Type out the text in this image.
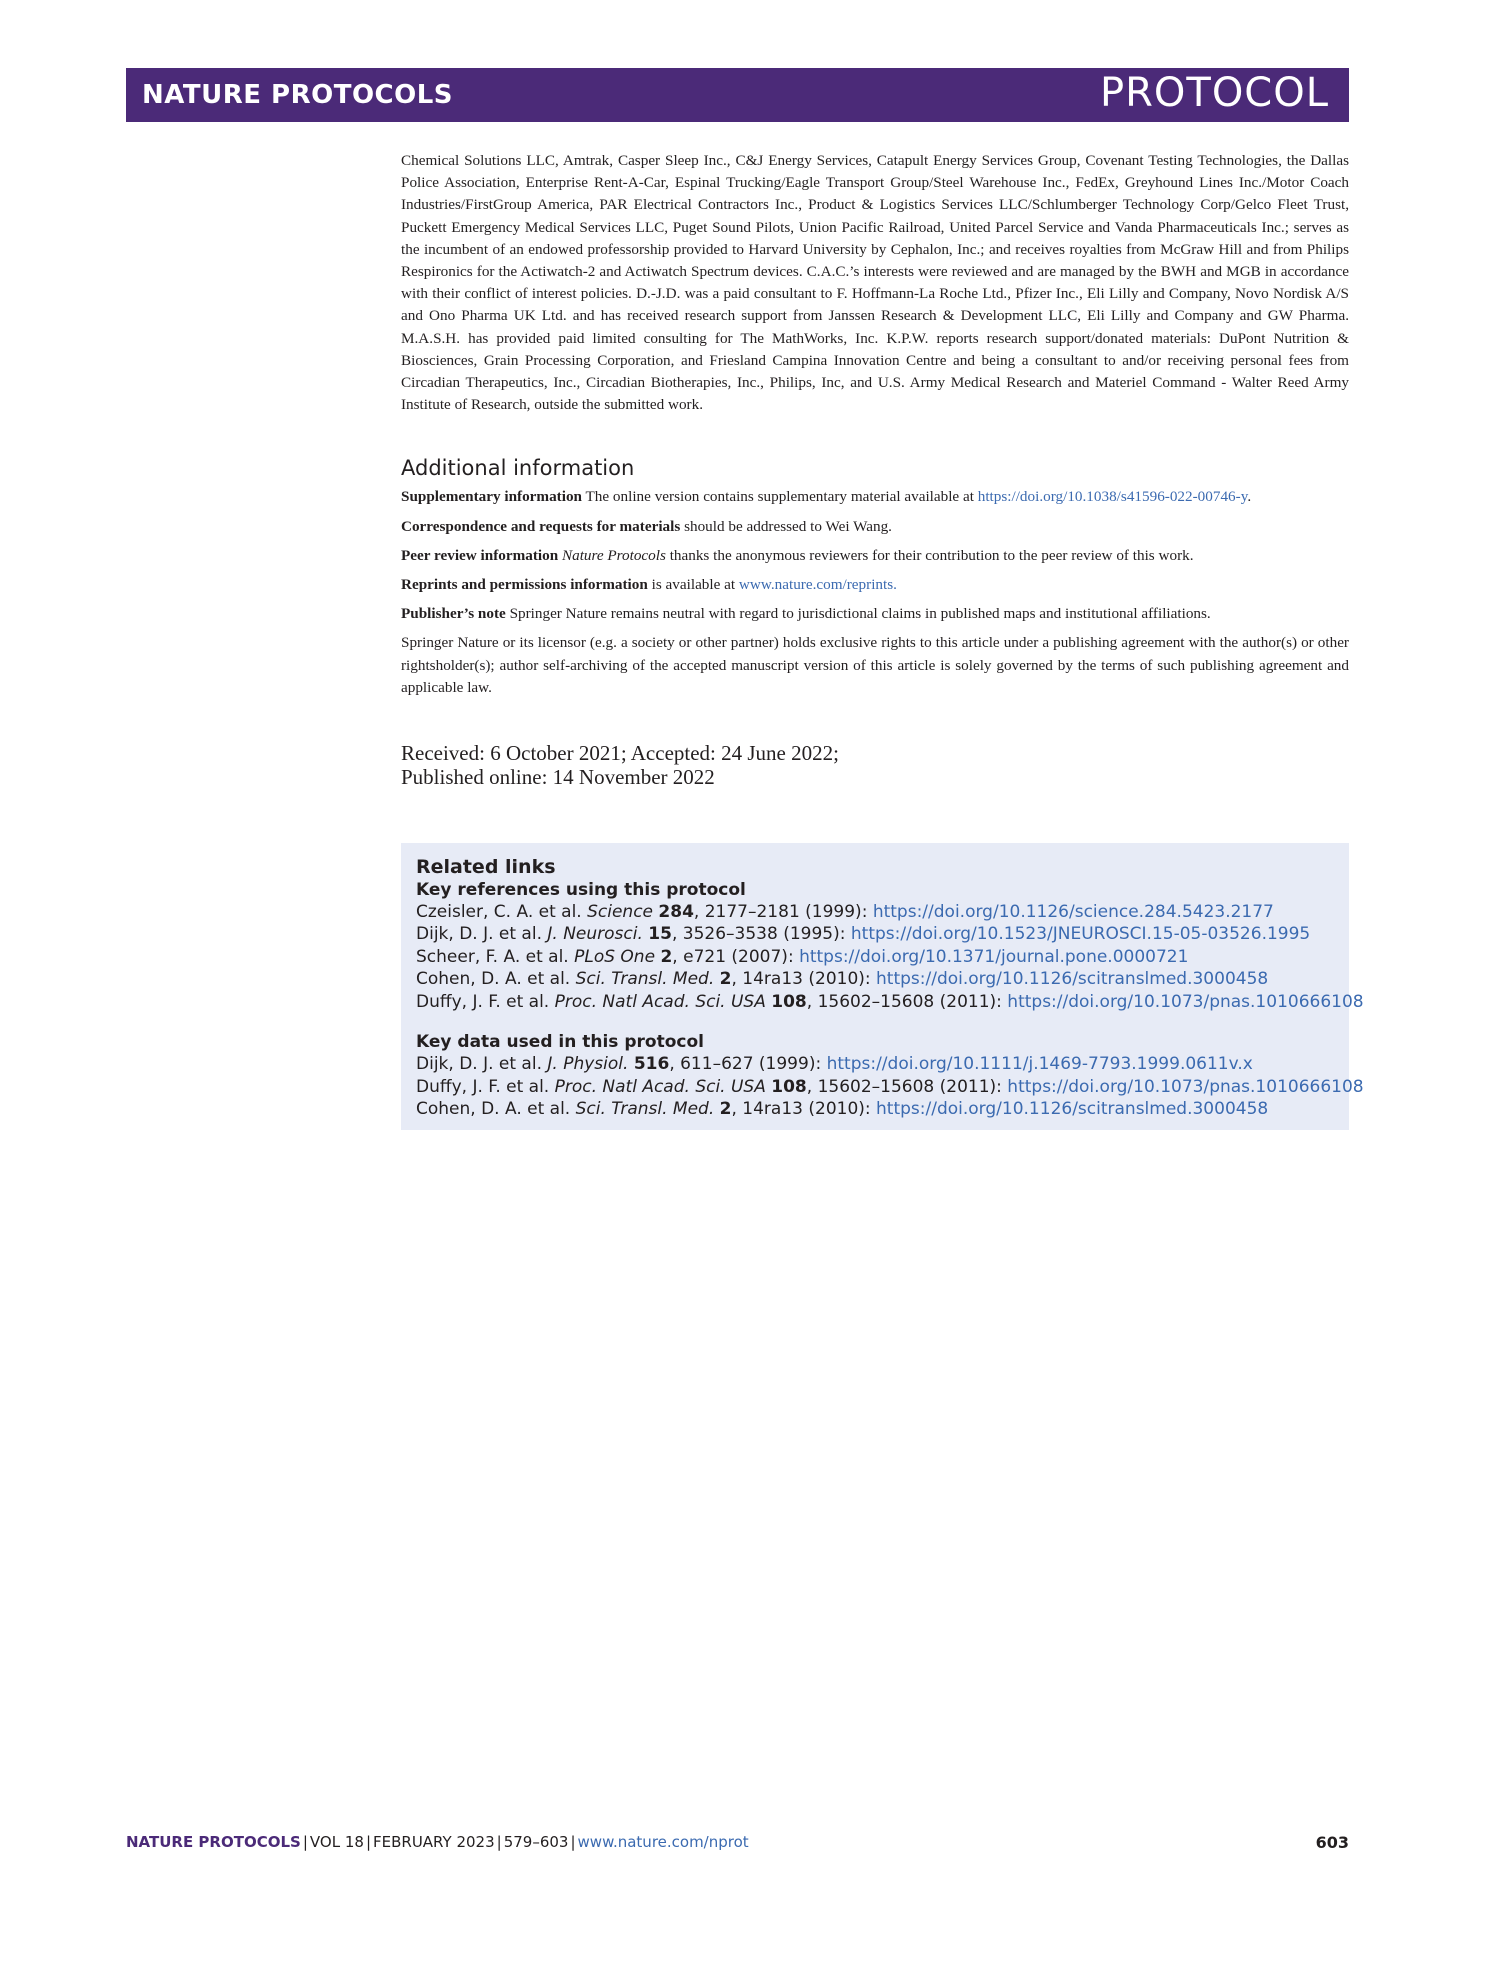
NATURE PROTOCOLS	PROTOCOL

Chemical Solutions LLC, Amtrak, Casper Sleep Inc., C&J Energy Services, Catapult Energy Services Group, Covenant Testing Technologies, the Dallas Police Association, Enterprise Rent-A-Car, Espinal Trucking/Eagle Transport Group/Steel Warehouse Inc., FedEx, Greyhound Lines Inc./Motor Coach Industries/FirstGroup America, PAR Electrical Contractors Inc., Product & Logistics Services LLC/Schlumberger Technology Corp/Gelco Fleet Trust, Puckett Emergency Medical Services LLC, Puget Sound Pilots, Union Pacific Railroad, United Parcel Service and Vanda Pharmaceuticals Inc.; serves as the incumbent of an endowed professorship provided to Harvard University by Cephalon, Inc.; and receives royalties from McGraw Hill and from Philips Respironics for the Actiwatch-2 and Actiwatch Spectrum devices. C.A.C.’s interests were reviewed and are managed by the BWH and MGB in accordance with their conflict of interest policies. D.-J.D. was a paid consultant to F. Hoffmann-La Roche Ltd., Pfizer Inc., Eli Lilly and Company, Novo Nordisk A/S and Ono Pharma UK Ltd. and has received research support from Janssen Research & Development LLC, Eli Lilly and Company and GW Pharma. M.A.S.H. has provided paid limited consulting for The MathWorks, Inc. K.P.W. reports research support/donated materials: DuPont Nutrition & Biosciences, Grain Processing Corporation, and Friesland Campina Innovation Centre and being a consultant to and/or receiving personal fees from Circadian Therapeutics, Inc., Circadian Biotherapies, Inc., Philips, Inc, and U.S. Army Medical Research and Materiel Command - Walter Reed Army Institute of Research, outside the submitted work.

Additional information

Supplementary information The online version contains supplementary material available at https://doi.org/10.1038/s41596-022-00746-y.

Correspondence and requests for materials should be addressed to Wei Wang.

Peer review information Nature Protocols thanks the anonymous reviewers for their contribution to the peer review of this work.

Reprints and permissions information is available at www.nature.com/reprints.

Publisher’s note Springer Nature remains neutral with regard to jurisdictional claims in published maps and institutional affiliations.

Springer Nature or its licensor (e.g. a society or other partner) holds exclusive rights to this article under a publishing agreement with the author(s) or other rightsholder(s); author self-archiving of the accepted manuscript version of this article is solely governed by the terms of such publishing agreement and applicable law.

Received: 6 October 2021; Accepted: 24 June 2022;
Published online: 14 November 2022
Related links
Key references using this protocol
Czeisler, C. A. et al. Science 284, 2177–2181 (1999): https://doi.org/10.1126/science.284.5423.2177
Dijk, D. J. et al. J. Neurosci. 15, 3526–3538 (1995): https://doi.org/10.1523/JNEUROSCI.15-05-03526.1995
Scheer, F. A. et al. PLoS One 2, e721 (2007): https://doi.org/10.1371/journal.pone.0000721
Cohen, D. A. et al. Sci. Transl. Med. 2, 14ra13 (2010): https://doi.org/10.1126/scitranslmed.3000458
Duffy, J. F. et al. Proc. Natl Acad. Sci. USA 108, 15602–15608 (2011): https://doi.org/10.1073/pnas.1010666108
Key data used in this protocol
Dijk, D. J. et al. J. Physiol. 516, 611–627 (1999): https://doi.org/10.1111/j.1469-7793.1999.0611v.x
Duffy, J. F. et al. Proc. Natl Acad. Sci. USA 108, 15602–15608 (2011): https://doi.org/10.1073/pnas.1010666108
Cohen, D. A. et al. Sci. Transl. Med. 2, 14ra13 (2010): https://doi.org/10.1126/scitranslmed.3000458
NATURE PROTOCOLS | VOL 18 | FEBRUARY 2023 | 579–603 | www.nature.com/nprot	603
